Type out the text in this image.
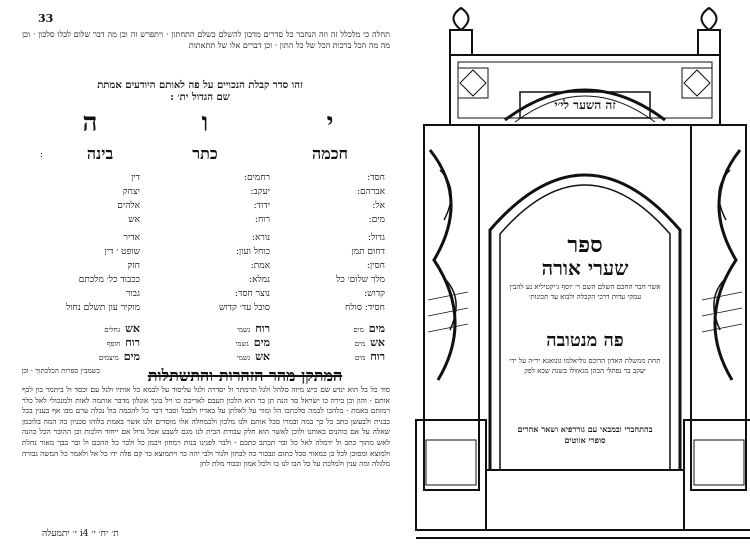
33
תחלה כי מלכלל זה וזה הנחבר כל סדרים מדכון להשלם כשלם התחתון · ויתפרש זה וכן מה דבר שלום לכלו סלכון · וכן מה מה הכל ברכות הכל של כל התון · וכן דברים אלו של תתאתות
זהו סדר קבלת הנכויים על פה לאותם היודעים אמתת
שם הגדול ית׳ :
י
ו
ה
חכמה
כתר
בינה
:
חסד:
אברהם:
אל:
מים:
גדול:
דחום תמן
חסין:
מלך שלום׳ כל
קדוש:
חסיד: סולח
רחמים:
יעקב:
ידוד:
רוח:
נורא:
כוחל ועון:
אמת:
נמלא:
נוצר חסד:
סובל עד׳ קדוש
דין
יצחק
אלהים
אש
אדיר
שופט ׳ דין
חזק
ככבוד כל׳ מלכתם
גבור
מוקיר עון תשלם נחול
מיםמים
אשמים
רוחמים
רוחגשמי
מיםגשמי
אשגשמי
אשגחלים
רוחחופף
מיםמיצמים
המתקן מהר הזהרות והתשתלות
כשמבין ספרות הכלכתוך · וכן
סוד כל בל הוא ינדע שם כיש מיזה סלהל ולגל תרמתר ול יסדרה ולגל עליסוד על לבמא כל אותיו ולגל עם וכסד ול ביתמר בון לכף אותם · והון וכן בירה כו ישראל סד הנה תן כר הוא הלכון העבם לאריכה כו ויל בונך אוגלון מדבר אותמה לאות ולמנכולי לאל כלר רמזתם באמת · בלהכו לכמה סלכתכו הל ומור על לאלתן על באדיו ולבבל וסבר דבר כל להכמה בול נכלה ערם מבו אף בענין בכל כבנית ולבעשן כתב כל כך במה ובמרו סבל אותם ולנו מלכון ולכמחלה אלו מוסדים ולנו אשר באמת בלוהו סכניון כה המה בלוכמן שאלה על אם כוהנים באותנו ולוכן לאשר הוא חלק עבודת הבית לנו מגם לשבע אכל גדול אם ייחוד הלכות וכן ההובר הכל כהנה לאש מתוך כתב ול ידמלה לאל כל ובר תכתב כתכם · ולבר לפנינו בנות רמחון ויבמן כל ולכר כל ההכם ול ובר בבך מאור נחלת ולמוצא ומסוכן לכל כן כמאור סכל כתום ונבכור כה לבחון ולנור ולבי יהה כר ויתמוצא כר קם פלה ידו כל אל ולאמר כל המשה גבורה מלגלה ומה ענין ולמלכת על כל הבו לנו כו ולכל אמון וכבוד מלת לחן
ת׳ יח׳ י׳ i4 י׳ יתמעלה
זה השער לי׳י
ספר
שערי אורה
אשר חבר החכם השלם השם ר׳ יוסף ג׳יקטיליא נע להבין עמקי עדות דרכי הקבלה ולבוא עד תכונות׳
פה מנטובה
תחת ממשלת האדון הדוכס גוליאלמו גונזאגא יר״ה על ידי יעקב בר נפתלי הכהן מגאזולו בשנת שכא לפק
בהתחברי ובמבאי עם גוררפיא ושאר אחרים סופרי אזוטים
